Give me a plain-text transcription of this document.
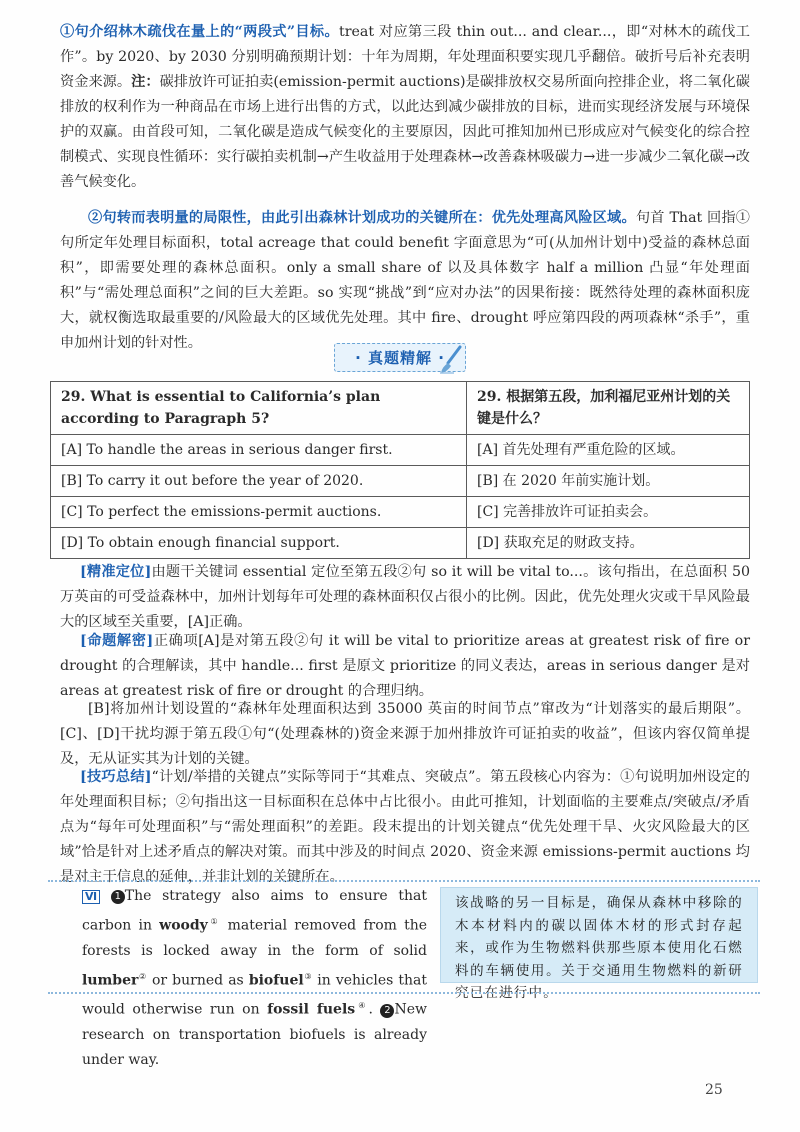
①句介绍林木疏伐在量上的“两段式”目标。treat 对应第三段 thin out... and clear...，即“对林木的疏伐工作”。by 2020、by 2030 分别明确预期计划：十年为周期，年处理面积要实现几乎翻倍。破折号后补充表明资金来源。注：碳排放许可证拍卖(emission-permit auctions)是碳排放权交易所面向控排企业，将二氧化碳排放的权利作为一种商品在市场上进行出售的方式，以此达到减少碳排放的目标，进而实现经济发展与环境保护的双赢。由首段可知，二氧化碳是造成气候变化的主要原因，因此可推知加州已形成应对气候变化的综合控制模式、实现良性循环：实行碳拍卖机制→产生收益用于处理森林→改善森林吸碳力→进一步减少二氧化碳→改善气候变化。

②句转而表明量的局限性，由此引出森林计划成功的关键所在：优先处理高风险区域。句首 That 回指①句所定年处理目标面积，total acreage that could benefit 字面意思为“可(从加州计划中)受益的森林总面积”，即需要处理的森林总面积。only a small share of 以及具体数字 half a million 凸显“年处理面积”与“需处理总面积”之间的巨大差距。so 实现“挑战”到“应对办法”的因果衔接：既然待处理的森林面积庞大，就权衡选取最重要的/风险最大的区域优先处理。其中 fire、drought 呼应第四段的两项森林“杀手”，重申加州计划的针对性。

· 真题精解 ·
29. What is essential to California’s plan according to Paragraph 5?	29. 根据第五段，加利福尼亚州计划的关键是什么？
[A] To handle the areas in serious danger first.	[A] 首先处理有严重危险的区域。
[B] To carry it out before the year of 2020.	[B] 在 2020 年前实施计划。
[C] To perfect the emissions-permit auctions.	[C] 完善排放许可证拍卖会。
[D] To obtain enough financial support.	[D] 获取充足的财政支持。

[精准定位]由题干关键词 essential 定位至第五段②句 so it will be vital to...。该句指出，在总面积 50 万英亩的可受益森林中，加州计划每年可处理的森林面积仅占很小的比例。因此，优先处理火灾或干旱风险最大的区域至关重要，[A]正确。

[命题解密]正确项[A]是对第五段②句 it will be vital to prioritize areas at greatest risk of fire or drought 的合理解读，其中 handle... first 是原文 prioritize 的同义表达，areas in serious danger 是对 areas at greatest risk of fire or drought 的合理归纳。

[B]将加州计划设置的“森林年处理面积达到 35000 英亩的时间节点”窜改为“计划落实的最后期限”。[C]、[D]干扰均源于第五段①句“(处理森林的)资金来源于加州排放许可证拍卖的收益”，但该内容仅简单提及，无从证实其为计划的关键。

[技巧总结]“计划/举措的关键点”实际等同于“其难点、突破点”。第五段核心内容为：①句说明加州设定的年处理面积目标；②句指出这一目标面积在总体中占比很小。由此可推知，计划面临的主要难点/突破点/矛盾点为“每年可处理面积”与“需处理面积”的差距。段末提出的计划关键点“优先处理干旱、火灾风险最大的区域”恰是针对上述矛盾点的解决对策。而其中涉及的时间点 2020、资金来源 emissions-permit auctions 均是对主干信息的延伸，并非计划的关键所在。

Ⅵ 1 The strategy also aims to ensure that carbon in woody① material removed from the forests is locked away in the form of solid lumber② or burned as biofuel③ in vehicles that would otherwise run on fossil fuels④. 2 New research on transportation biofuels is already under way.

该战略的另一目标是，确保从森林中移除的木本材料内的碳以固体木材的形式封存起来，或作为生物燃料供那些原本使用化石燃料的车辆使用。关于交通用生物燃料的新研究已在进行中。
25
